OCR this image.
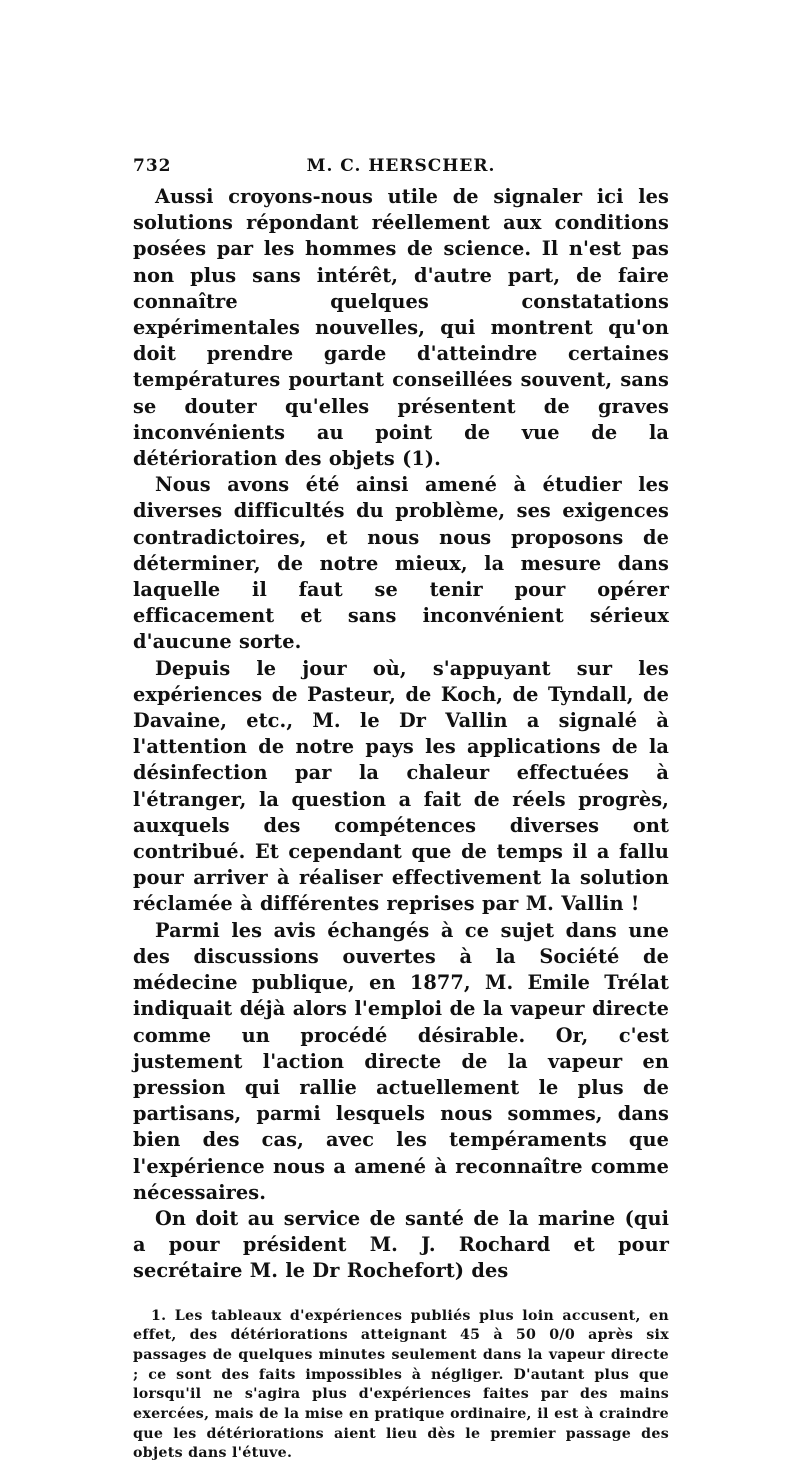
732	M. C. HERSCHER.

Aussi croyons-nous utile de signaler ici les solutions répondant réellement aux conditions posées par les hommes de science. Il n'est pas non plus sans intérêt, d'autre part, de faire connaître quelques constatations expérimentales nouvelles, qui montrent qu'on doit prendre garde d'atteindre certaines températures pourtant conseillées souvent, sans se douter qu'elles présentent de graves inconvénients au point de vue de la détérioration des objets (1).

Nous avons été ainsi amené à étudier les diverses difficultés du problème, ses exigences contradictoires, et nous nous proposons de déterminer, de notre mieux, la mesure dans laquelle il faut se tenir pour opérer efficacement et sans inconvénient sérieux d'aucune sorte.

Depuis le jour où, s'appuyant sur les expériences de Pasteur, de Koch, de Tyndall, de Davaine, etc., M. le Dr Vallin a signalé à l'attention de notre pays les applications de la désinfection par la chaleur effectuées à l'étranger, la question a fait de réels progrès, auxquels des compétences diverses ont contribué. Et cependant que de temps il a fallu pour arriver à réaliser effectivement la solution réclamée à différentes reprises par M. Vallin !

Parmi les avis échangés à ce sujet dans une des discussions ouvertes à la Société de médecine publique, en 1877, M. Emile Trélat indiquait déjà alors l'emploi de la vapeur directe comme un procédé désirable. Or, c'est justement l'action directe de la vapeur en pression qui rallie actuellement le plus de partisans, parmi lesquels nous sommes, dans bien des cas, avec les tempéraments que l'expérience nous a amené à reconnaître comme nécessaires.

On doit au service de santé de la marine (qui a pour président M. J. Rochard et pour secrétaire M. le Dr Rochefort) des

1. Les tableaux d'expériences publiés plus loin accusent, en effet, des détériorations atteignant 45 à 50 0/0 après six passages de quelques minutes seulement dans la vapeur directe ; ce sont des faits impossibles à négliger. D'autant plus que lorsqu'il ne s'agira plus d'expériences faites par des mains exercées, mais de la mise en pratique ordinaire, il est à craindre que les détériorations aient lieu dès le premier passage des objets dans l'étuve.
